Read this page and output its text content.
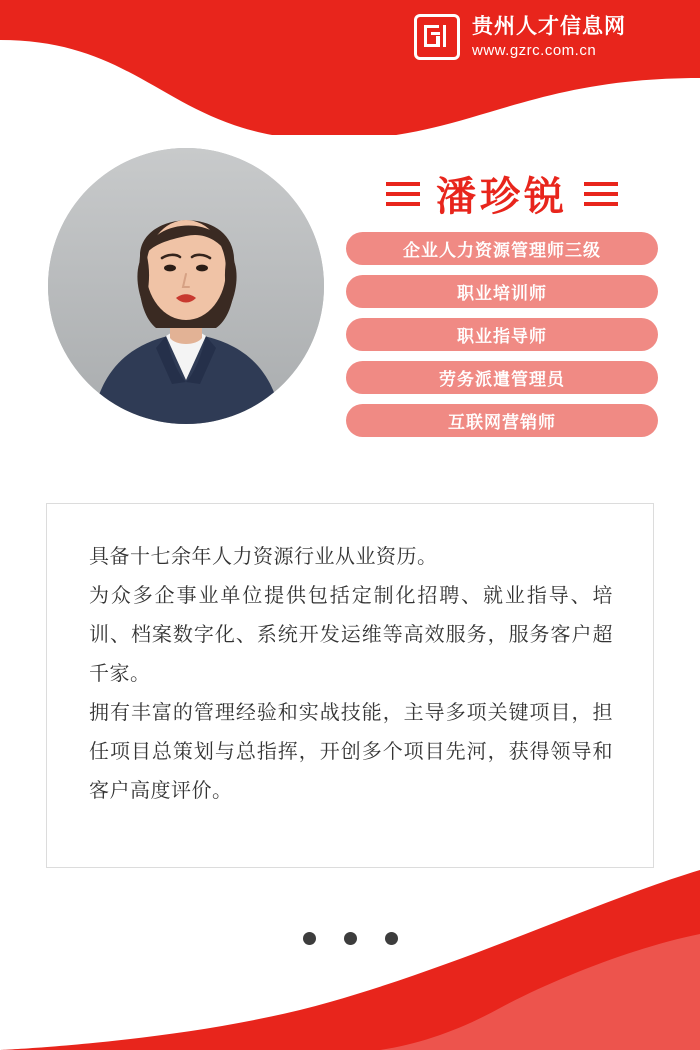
贵州人才信息网
www.gzrc.com.cn
潘珍锐
企业人力资源管理师三级
职业培训师
职业指导师
劳务派遣管理员
互联网营销师

具备十七余年人力资源行业从业资历。

为众多企事业单位提供包括定制化招聘、就业指导、培训、档案数字化、系统开发运维等高效服务，服务客户超千家。

拥有丰富的管理经验和实战技能，主导多项关键项目，担任项目总策划与总指挥，开创多个项目先河，获得领导和客户高度评价。
